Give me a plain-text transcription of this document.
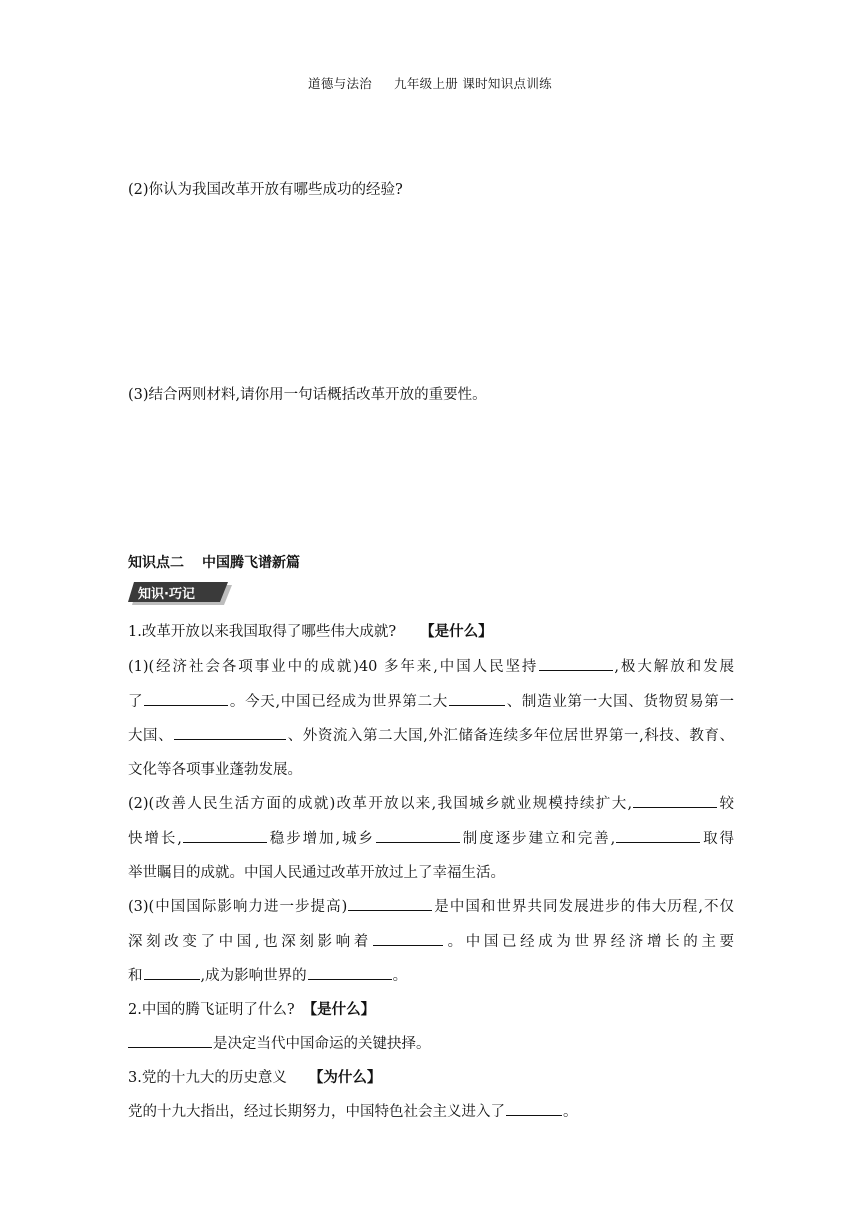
道德与法治 九年级上册 课时知识点训练
(2)你认为我国改革开放有哪些成功的经验?
(3)结合两则材料,请你用一句话概括改革开放的重要性。
知识点二 中国腾飞谱新篇
知识·巧记
1.改革开放以来我国取得了哪些伟大成就? 【是什么】
(1)(经济社会各项事业中的成就)40 多年来,中国人民坚持	,极大解放和发展
了	。今天,中国已经成为世界第二大	、制造业第一大国、货物贸易第一
大国、	、外资流入第二大国,外汇储备连续多年位居世界第一,科技、教育、
文化等各项事业蓬勃发展。
(2)(改善人民生活方面的成就)改革开放以来,我国城乡就业规模持续扩大,	较
快增长,	稳步增加,城乡	制度逐步建立和完善,	取得
举世瞩目的成就。中国人民通过改革开放过上了幸福生活。
(3)(中国国际影响力进一步提高)	是中国和世界共同发展进步的伟大历程,不仅
深刻改变了中国,也深刻影响着	。中国已经成为世界经济增长的主要
和	,成为影响世界的	。
2.中国的腾飞证明了什么? 【是什么】
是决定当代中国命运的关键抉择。
3.党的十九大的历史意义 【为什么】
党的十九大指出，经过长期努力，中国特色社会主义进入了	。
